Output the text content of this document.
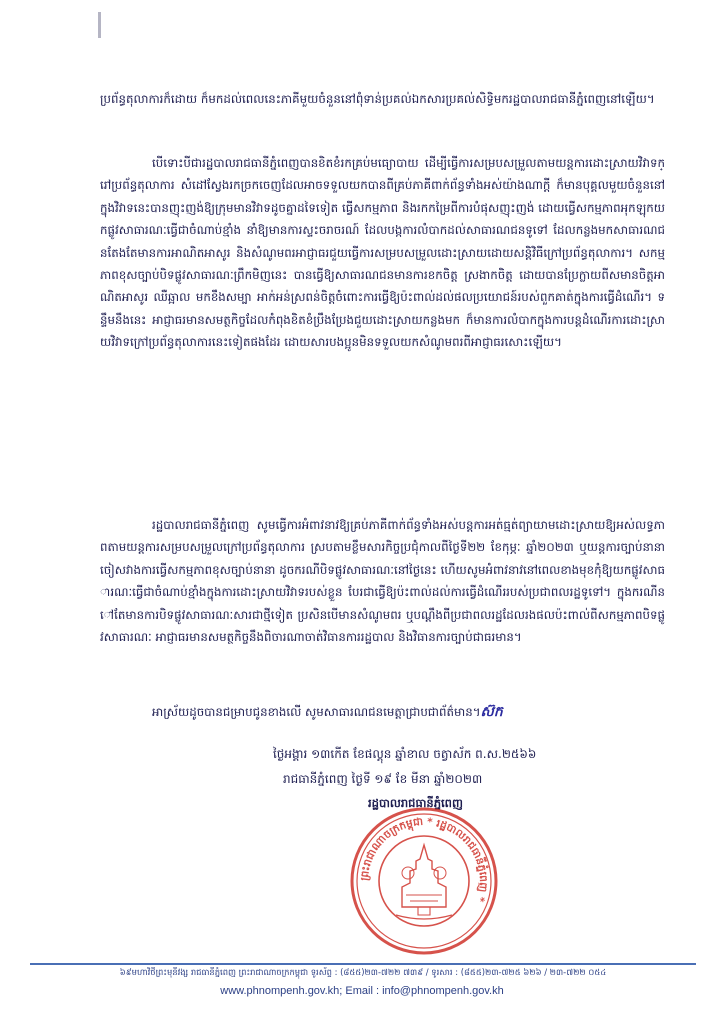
ប្រព័ន្ធតុលាការក៏ដោយ ក៏មកដល់ពេលនេះភាគីមួយចំនួននៅពុំទាន់ប្រគល់ឯកសារប្រគល់សិទ្ធិមករដ្ឋបាលរាជធានីភ្នំពេញនៅឡើយ។

បើទោះបីជារដ្ឋបាលរាជធានីភ្នំពេញបានខិតខំរកគ្រប់មធ្យោបាយ ដើម្បីធ្វើការសម្របសម្រួលតាមយន្តការដោះស្រាយវិវាទក្រៅប្រព័ន្ធតុលាការ សំដៅស្វែងរកច្រកចេញដែលអាចទទួលយកបានពីគ្រប់ភាគីពាក់ព័ន្ធទាំងអស់យ៉ាងណាក្តី ក៏មានបុគ្គលមួយចំនួននៅក្នុងវិវាទនេះបានញុះញង់ឱ្យក្រុមមានវិវាទដូចគ្នាដទៃទៀត ធ្វើសកម្មភាព និងរកកម្រៃពីការបំផុសញុះញង់ ដោយធ្វើសកម្មភាពអុកឡុកយកផ្លូវសាធារណៈធ្វើជាចំណាប់ខ្មាំង នាំឱ្យមានការស្ទះចរាចរណ៍ ដែលបង្កការលំបាកដល់សាធារណជនទូទៅ ដែលកន្លងមកសាធារណជនតែងតែមានការអាណិតអាសូរ និងសំណូមពរអាជ្ញាធរជួយធ្វើការសម្របសម្រួលដោះស្រាយដោយសន្តិវិធីក្រៅប្រព័ន្ធតុលាការ។ សកម្មភាពខុសច្បាប់បិទផ្លូវសាធារណៈព្រឹកមិញនេះ បានធ្វើឱ្យសាធារណជនមានការខកចិត្ត ស្រងាកចិត្ត ដោយបានប្រែក្លាយពីសមានចិត្តអាណិតអាសូរ ឈឺឆ្អាល មកខឹងសម្បា អាក់អន់ស្រពន់ចិត្តចំពោះការធ្វើឱ្យប៉ះពាល់ដល់ផលប្រយោជន៍របស់ពួកគាត់ក្នុងការធ្វើដំណើរ។ ទន្ទឹមនឹងនេះ អាជ្ញាធរមានសមត្ថកិច្ចដែលកំពុងខិតខំប្រឹងប្រែងជួយដោះស្រាយកន្លងមក ក៏មានការលំបាកក្នុងការបន្តដំណើរការដោះស្រាយវិវាទក្រៅប្រព័ន្ធតុលាការនេះទៀតផងដែរ ដោយសារបងប្អូនមិនទទួលយកសំណូមពរពីអាជ្ញាធរសោះឡើយ។

រដ្ឋបាលរាជធានីភ្នំពេញ សូមធ្វើការអំពាវនាវឱ្យគ្រប់ភាគីពាក់ព័ន្ធទាំងអស់បន្តការអត់ធ្មត់ព្យាយាមដោះស្រាយឱ្យអស់លទ្ធភាពតាមយន្តការសម្របសម្រួលក្រៅប្រព័ន្ធតុលាការ ស្របតាមខ្លឹមសារកិច្ចប្រជុំកាលពីថ្ងៃទី២២ ខែកុម្ភៈ ឆ្នាំ២០២៣ ឬយន្តការច្បាប់នានា ចៀសវាងការធ្វើសកម្មភាពខុសច្បាប់នានា ដូចករណីបិទផ្លូវសាធារណៈនៅថ្ងៃនេះ ហើយសូមអំពាវនាវនៅពេលខាងមុខកុំឱ្យយកផ្លូវសាធារណៈធ្វើជាចំណាប់ខ្មាំងក្នុងការដោះស្រាយវិវាទរបស់ខ្លួន បែរជាធ្វើឱ្យប៉ះពាល់ដល់ការធ្វើដំណើររបស់ប្រជាពលរដ្ឋទូទៅ។ ក្នុងករណីនៅតែមានការបិទផ្លូវសាធារណៈសារជាថ្មីទៀត ប្រសិនបើមានសំណូមពរ ឬបណ្តឹងពីប្រជាពលរដ្ឋដែលរងផលប៉ះពាល់ពីសកម្មភាពបិទផ្លូវសាធារណៈ អាជ្ញាធរមានសមត្ថកិច្ចនឹងពិចារណាចាត់វិធានការរដ្ឋបាល និងវិធានការច្បាប់ជាធរមាន។

អាស្រ័យដូចបានជម្រាបជូនខាងលើ សូមសាធារណជនមេត្តាជ្រាបជាព័ត៌មាន។ស៊ក

ថ្ងៃអង្គារ ១៣កើត ខែផល្គុន ឆ្នាំខាល ចត្វាស័ក ព.ស.២៥៦៦
រាជធានីភ្នំពេញ ថ្ងៃទី ១៩ ខែ មីនា ឆ្នាំ២០២៣
រដ្ឋបាលរាជធានីភ្នំពេញ
ព្រះរាជាណាចក្រកម្ពុជា * រដ្ឋបាលរាជធានីភ្នំពេញ *
៦៩មហាវិថីព្រះមុនីវង្ស រាជធានីភ្នំពេញ ព្រះរាជាណាចក្រកម្ពុជា ទូរស័ព្ទ : (៨៥៥)២៣-៧២២ ៧៣៩ / ទូរសារ : (៨៥៥)២៣-៧២៥ ៦២៦ / ២៣-៧២២ ០៥៤
www.phnompenh.gov.kh; Email : info@phnompenh.gov.kh
